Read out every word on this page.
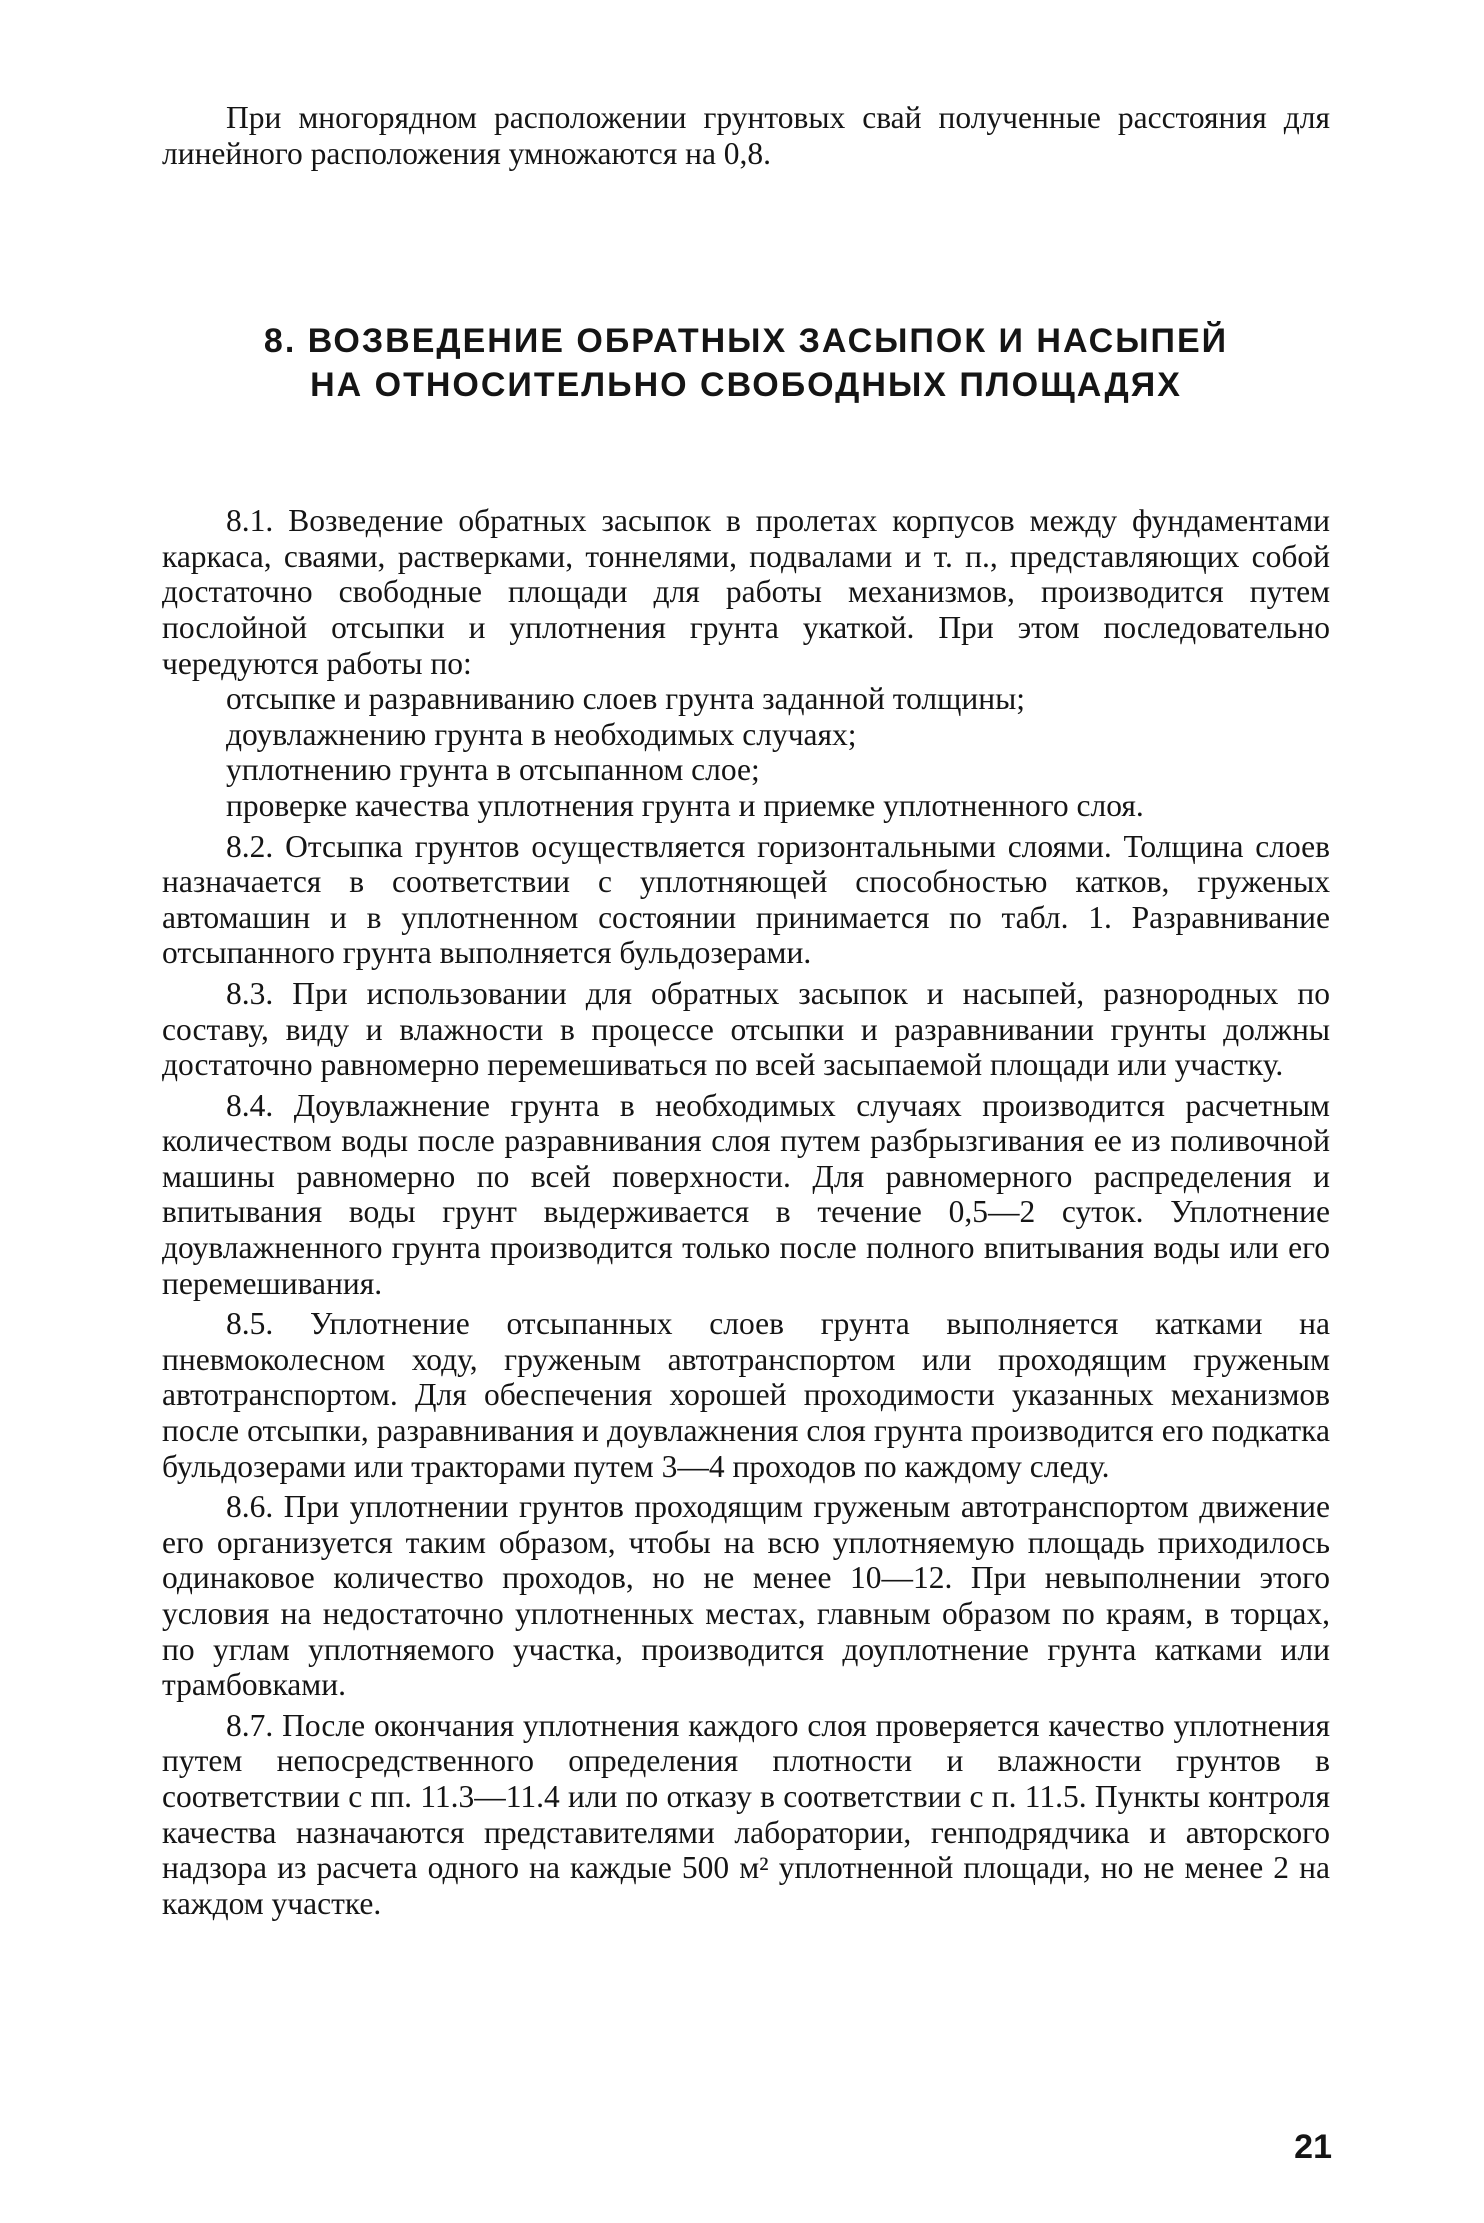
При многорядном расположении грунтовых свай полученные расстояния для линейного расположения умножаются на 0,8.

8. ВОЗВЕДЕНИЕ ОБРАТНЫХ ЗАСЫПОК И НАСЫПЕЙ
НА ОТНОСИТЕЛЬНО СВОБОДНЫХ ПЛОЩАДЯХ

8.1. Возведение обратных засыпок в пролетах корпусов между фундаментами каркаса, сваями, растверками, тоннелями, подвалами и т. п., представляющих собой достаточно свободные площади для работы механизмов, производится путем послойной отсыпки и уплотнения грунта укаткой. При этом последовательно чередуются работы по:

отсыпке и разравниванию слоев грунта заданной толщины;

доувлажнению грунта в необходимых случаях;

уплотнению грунта в отсыпанном слое;

проверке качества уплотнения грунта и приемке уплотненного слоя.

8.2. Отсыпка грунтов осуществляется горизонтальными слоями. Толщина слоев назначается в соответствии с уплотняющей способностью катков, груженых автомашин и в уплотненном состоянии принимается по табл. 1. Разравнивание отсыпанного грунта выполняется бульдозерами.

8.3. При использовании для обратных засыпок и насыпей, разнородных по составу, виду и влажности в процессе отсыпки и разравнивании грунты должны достаточно равномерно перемешиваться по всей засыпаемой площади или участку.

8.4. Доувлажнение грунта в необходимых случаях производится расчетным количеством воды после разравнивания слоя путем разбрызгивания ее из поливочной машины равномерно по всей поверхности. Для равномерного распределения и впитывания воды грунт выдерживается в течение 0,5—2 суток. Уплотнение доувлажненного грунта производится только после полного впитывания воды или его перемешивания.

8.5. Уплотнение отсыпанных слоев грунта выполняется катками на пневмоколесном ходу, груженым автотранспортом или проходящим груженым автотранспортом. Для обеспечения хорошей проходимости указанных механизмов после отсыпки, разравнивания и доувлажнения слоя грунта производится его подкатка бульдозерами или тракторами путем 3—4 проходов по каждому следу.

8.6. При уплотнении грунтов проходящим груженым автотранспортом движение его организуется таким образом, чтобы на всю уплотняемую площадь приходилось одинаковое количество проходов, но не менее 10—12. При невыполнении этого условия на недостаточно уплотненных местах, главным образом по краям, в торцах, по углам уплотняемого участка, производится доуплотнение грунта катками или трамбовками.

8.7. После окончания уплотнения каждого слоя проверяется качество уплотнения путем непосредственного определения плотности и влажности грунтов в соответствии с пп. 11.3—11.4 или по отказу в соответствии с п. 11.5. Пункты контроля качества назначаются представителями лаборатории, генподрядчика и авторского надзора из расчета одного на каждые 500 м² уплотненной площади, но не менее 2 на каждом участке.

21
